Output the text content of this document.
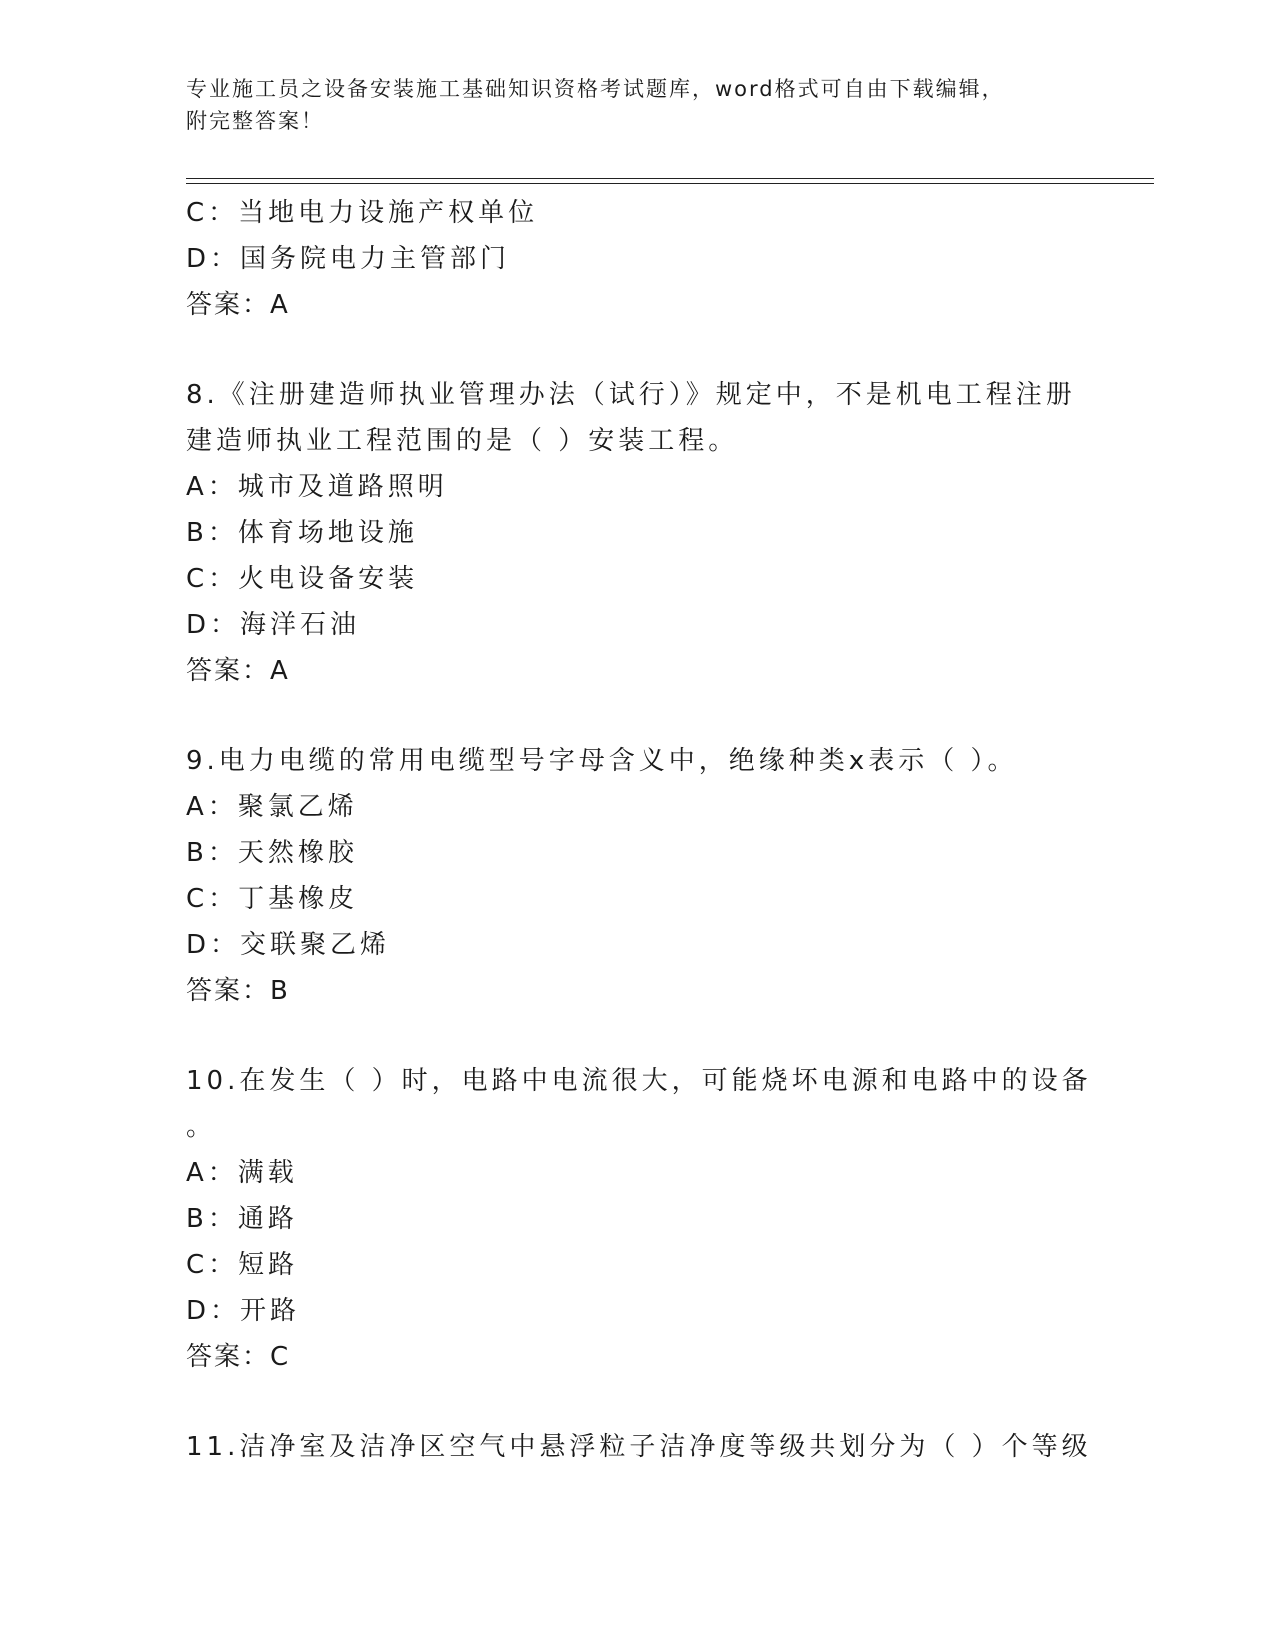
专业施工员之设备安装施工基础知识资格考试题库，word格式可自由下载编辑，
附完整答案！
C：当地电力设施产权单位
D：国务院电力主管部门
答案：A
8.《注册建造师执业管理办法（试行）》规定中，不是机电工程注册
建造师执业工程范围的是（ ）安装工程。
A：城市及道路照明
B：体育场地设施
C：火电设备安装
D：海洋石油
答案：A
9.电力电缆的常用电缆型号字母含义中，绝缘种类x表示（ ）。
A：聚氯乙烯
B：天然橡胶
C：丁基橡皮
D：交联聚乙烯
答案：B
10.在发生（ ）时，电路中电流很大，可能烧坏电源和电路中的设备
。
A：满载
B：通路
C：短路
D：开路
答案：C
11.洁净室及洁净区空气中悬浮粒子洁净度等级共划分为（ ）个等级
